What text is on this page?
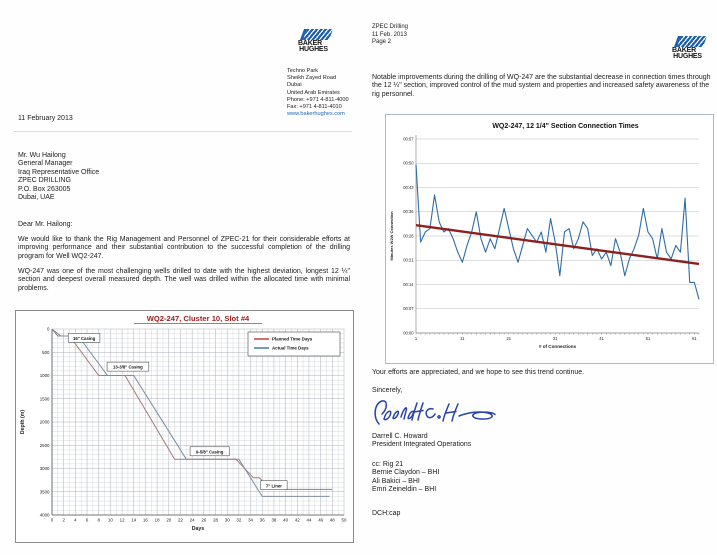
BAKER
HUGHES
Techno Park
Sheikh Zayed Road
Dubai
United Arab Emirates
Phone: +971 4-811-4000
Fax: +971 4-811-4010
www.bakerhughes.com
11 February 2013
Mr. Wu Hailong
General Manager
Iraq Representative Office
ZPEC DRILLING
P.O. Box 263005
Dubai, UAE
Dear Mr. Hailong:
We would like to thank the Rig Management and Personnel of ZPEC-21 for their considerable efforts at improving performance and their substantial contribution to the successful completion of the drilling program for Well WQ2-247.
WQ-247 was one of the most challenging wells drilled to date with the highest deviation, longest 12 ¼" section and deepest overall measured depth. The well was drilled within the allocated time with minimal problems.
0 2 4 6 8 10 12 14 16 18 20 22 24 26 28 30 32 34 36 38 40 42 44 46 48 50
0
500
1000
1500
2000
2500
3000
3500
4000
Days
Depth (m)
WQ2-247, Cluster 10, Slot #4
Planned Time Days
Actual Time Days
16" Casing
13-3/8" Casing
9-5/8" Casing
7" Liner
ZPEC Drilling
11 Feb. 2013
Page 2
BAKER
HUGHES
Notable improvements during the drilling of WQ-247 are the substantial decrease in connection times through the 12 ¼" section, improved control of the mud system and properties and increased safety awareness of the rig personnel.
00:00
00:07
00:14
00:21
00:28
00:36
00:43
00:50
00:57
1	11	21	31	41	51	61
# of Connections
Minutes W2W Connection
WQ2-247, 12 1/4" Section Connection Times
Your efforts are appreciated, and we hope to see this trend continue.
Sincerely,
Darrell C. Howard
President Integrated Operations
cc: Rig 21
Bernie Claydon – BHI
Ali Bakici – BHI
Emri Zeineldin – BHI
DCH:cap
